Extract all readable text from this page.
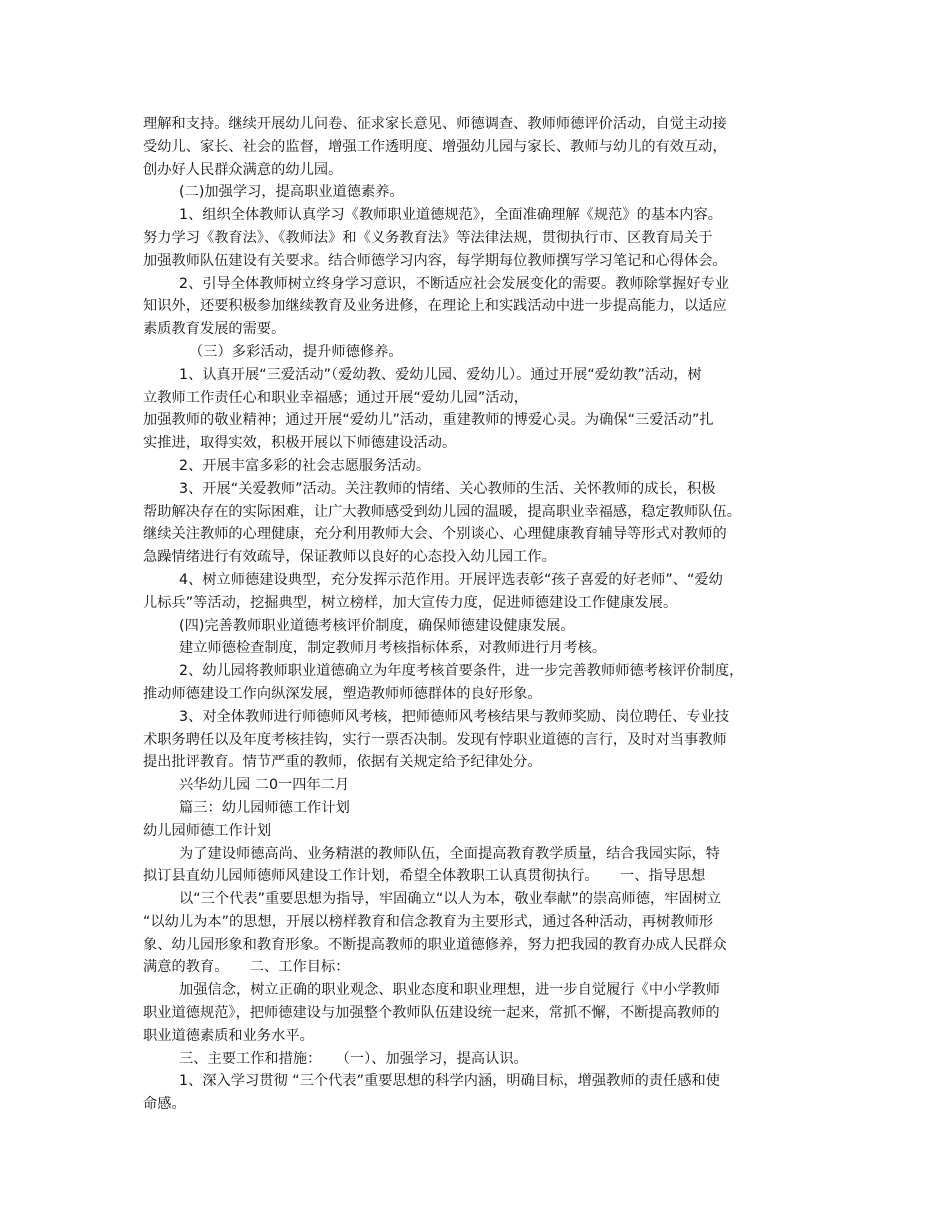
理解和支持。继续开展幼儿问卷、征求家长意见、师德调查、教师师德评价活动，自觉主动接
受幼儿、家长、社会的监督，增强工作透明度、增强幼儿园与家长、教师与幼儿的有效互动，
创办好人民群众满意的幼儿园。
(二)加强学习，提高职业道德素养。
1、组织全体教师认真学习《教师职业道德规范》，全面准确理解《规范》的基本内容。
努力学习《教育法》、《教师法》和《义务教育法》等法律法规，贯彻执行市、区教育局关于
加强教师队伍建设有关要求。结合师德学习内容，每学期每位教师撰写学习笔记和心得体会。
2、引导全体教师树立终身学习意识，不断适应社会发展变化的需要。教师除掌握好专业
知识外，还要积极参加继续教育及业务进修，在理论上和实践活动中进一步提高能力，以适应
素质教育发展的需要。
（三）多彩活动，提升师德修养。
1、认真开展“三爱活动”（爱幼教、爱幼儿园、爱幼儿）。通过开展“爱幼教”活动，树
立教师工作责任心和职业幸福感；通过开展“爱幼儿园”活动，
加强教师的敬业精神；通过开展“爱幼儿”活动，重建教师的博爱心灵。为确保“三爱活动”扎
实推进，取得实效，积极开展以下师德建设活动。
2、开展丰富多彩的社会志愿服务活动。
3、开展“关爱教师”活动。关注教师的情绪、关心教师的生活、关怀教师的成长，积极
帮助解决存在的实际困难，让广大教师感受到幼儿园的温暖，提高职业幸福感，稳定教师队伍。
继续关注教师的心理健康，充分利用教师大会、个别谈心、心理健康教育辅导等形式对教师的
急躁情绪进行有效疏导，保证教师以良好的心态投入幼儿园工作。
4、树立师德建设典型，充分发挥示范作用。开展评选表彰“孩子喜爱的好老师”、“爱幼
儿标兵”等活动，挖掘典型，树立榜样，加大宣传力度，促进师德建设工作健康发展。
(四)完善教师职业道德考核评价制度，确保师德建设健康发展。
建立师德检查制度，制定教师月考核指标体系，对教师进行月考核。
2、幼儿园将教师职业道德确立为年度考核首要条件，进一步完善教师师德考核评价制度，
推动师德建设工作向纵深发展，塑造教师师德群体的良好形象。
3、对全体教师进行师德师风考核，把师德师风考核结果与教师奖励、岗位聘任、专业技
术职务聘任以及年度考核挂钩，实行一票否决制。发现有悖职业道德的言行，及时对当事教师
提出批评教育。情节严重的教师，依据有关规定给予纪律处分。
兴华幼儿园 二0一四年二月
篇三：幼儿园师德工作计划
幼儿园师德工作计划
为了建设师德高尚、业务精湛的教师队伍，全面提高教育教学质量，结合我园实际，特
拟订县直幼儿园师德师风建设工作计划，希望全体教职工认真贯彻执行。　　一、指导思想
以“三个代表”重要思想为指导，牢固确立“以人为本，敬业奉献”的崇高师德，牢固树立
“以幼儿为本”的思想，开展以榜样教育和信念教育为主要形式，通过各种活动，再树教师形
象、幼儿园形象和教育形象。不断提高教师的职业道德修养，努力把我园的教育办成人民群众
满意的教育。　　二、工作目标：
加强信念，树立正确的职业观念、职业态度和职业理想，进一步自觉履行《中小学教师
职业道德规范》，把师德建设与加强整个教师队伍建设统一起来，常抓不懈，不断提高教师的
职业道德素质和业务水平。
三、主要工作和措施：　　（一）、加强学习，提高认识。
1、深入学习贯彻 “三个代表”重要思想的科学内涵，明确目标，增强教师的责任感和使
命感。
